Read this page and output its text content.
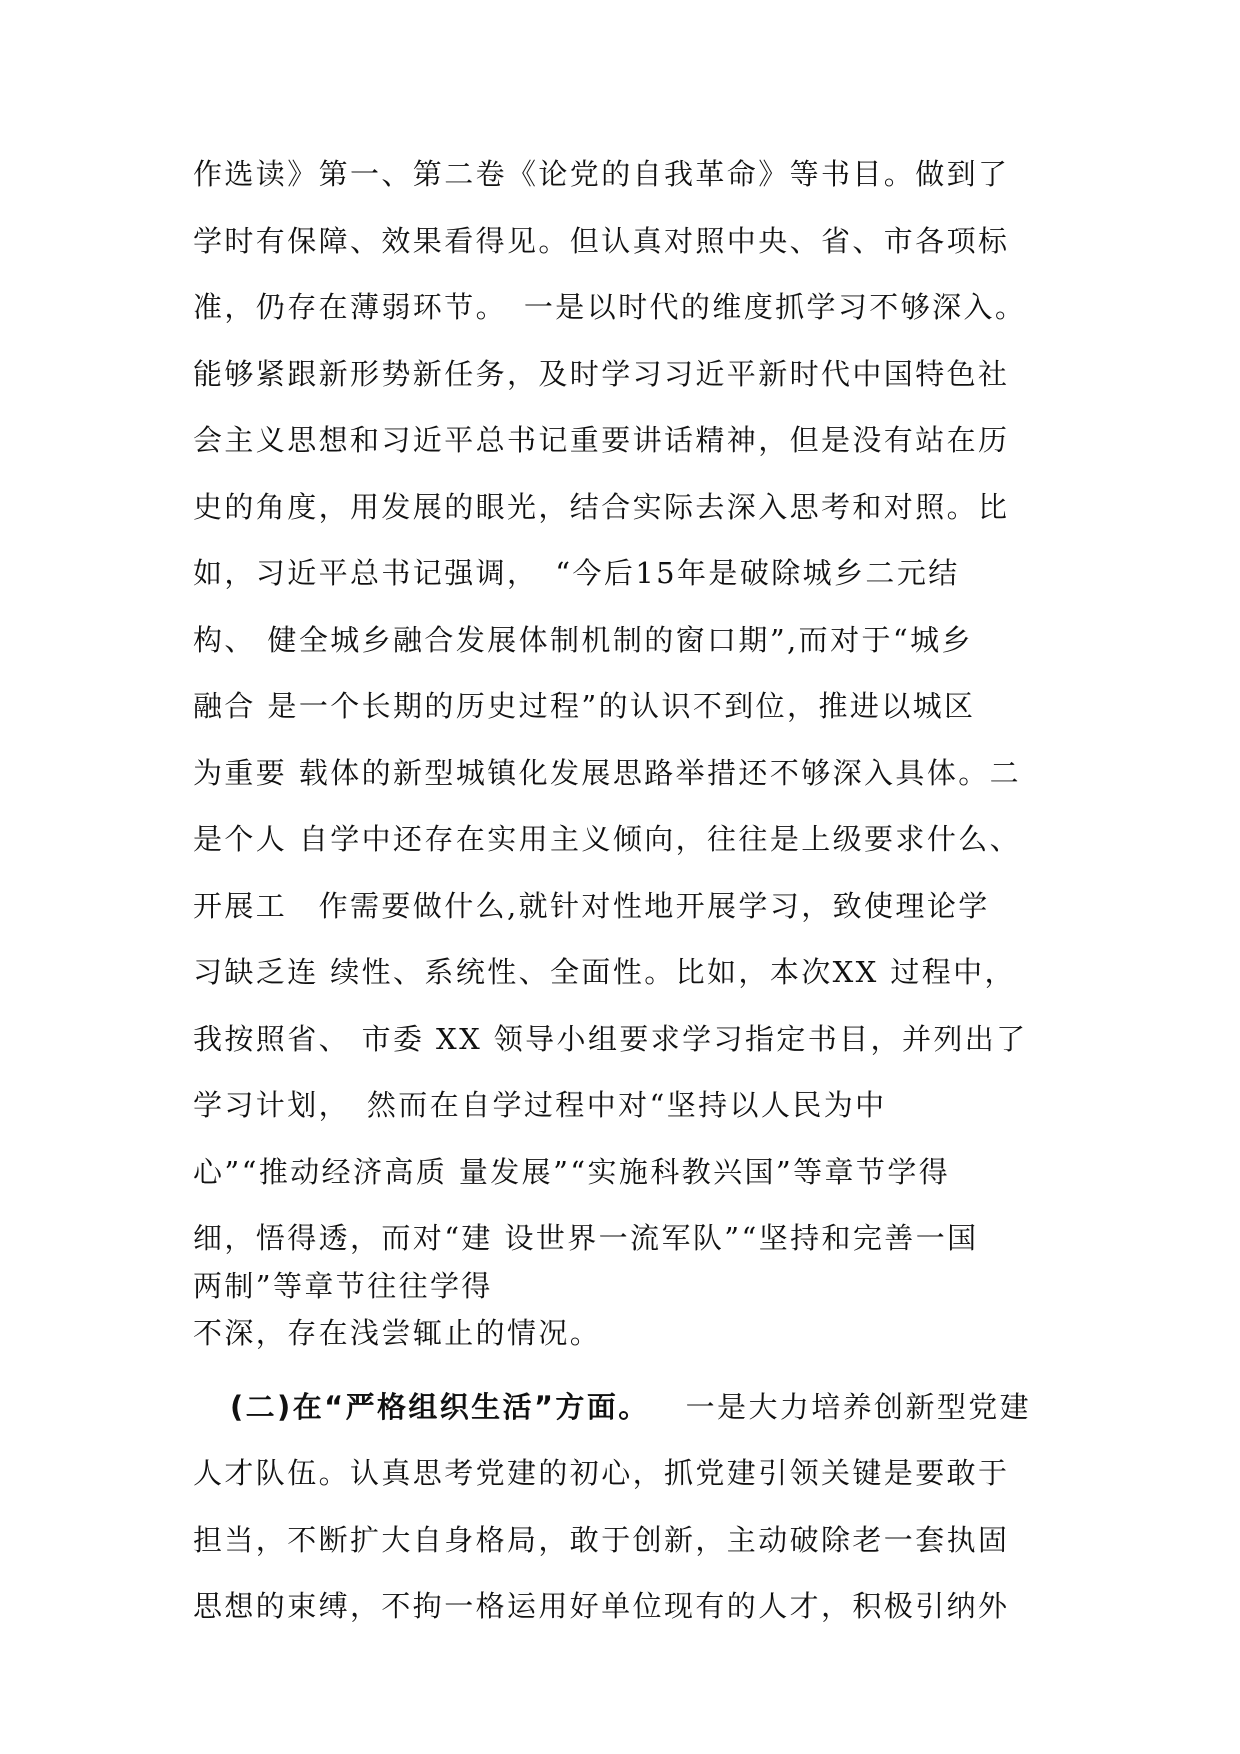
作选读》第一、第二卷《论党的自我革命》等书目。做到了
学时有保障、效果看得见。但认真对照中央、省、市各项标
准，仍存在薄弱环节。　一是以时代的维度抓学习不够深入。
能够紧跟新形势新任务，及时学习习近平新时代中国特色社
会主义思想和习近平总书记重要讲话精神，但是没有站在历
史的角度，用发展的眼光，结合实际去深入思考和对照。比
如，习近平总书记强调，　“今后15年是破除城乡二元结
构、 健全城乡融合发展体制机制的窗口期”,而对于“城乡
融合 是一个长期的历史过程”的认识不到位，推进以城区
为重要 载体的新型城镇化发展思路举措还不够深入具体。二
是个人 自学中还存在实用主义倾向，往往是上级要求什么、
开展工　作需要做什么,就针对性地开展学习，致使理论学
习缺乏连 续性、系统性、全面性。比如，本次XX 过程中，
我按照省、 市委 XX 领导小组要求学习指定书目，并列出了
学习计划，　然而在自学过程中对“坚持以人民为中
心”“推动经济高质 量发展”“实施科教兴国”等章节学得
细，悟得透，而对“建 设世界一流军队”“坚持和完善一国
两制”等章节往往学得
不深，存在浅尝辄止的情况。
(二)在“严格组织生活”方面。 一是大力培养创新型党建
人才队伍。认真思考党建的初心，抓党建引领关键是要敢于
担当，不断扩大自身格局，敢于创新，主动破除老一套执固
思想的束缚，不拘一格运用好单位现有的人才，积极引纳外
